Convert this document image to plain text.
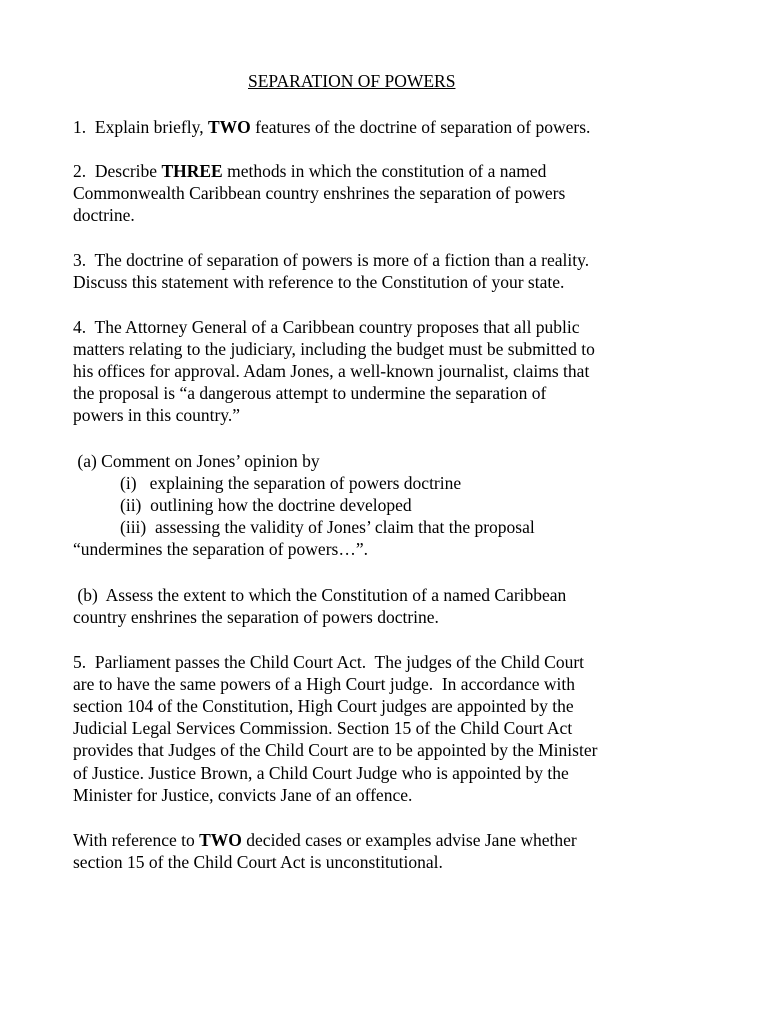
SEPARATION OF POWERS
1.  Explain briefly, TWO features of the doctrine of separation of powers.
2.  Describe THREE methods in which the constitution of a named
Commonwealth Caribbean country enshrines the separation of powers
doctrine.
3.  The doctrine of separation of powers is more of a fiction than a reality.
Discuss this statement with reference to the Constitution of your state.
4.  The Attorney General of a Caribbean country proposes that all public
matters relating to the judiciary, including the budget must be submitted to
his offices for approval. Adam Jones, a well-known journalist, claims that
the proposal is “a dangerous attempt to undermine the separation of
powers in this country.”
(a) Comment on Jones’ opinion by
(i)   explaining the separation of powers doctrine
(ii)  outlining how the doctrine developed
(iii)  assessing the validity of Jones’ claim that the proposal
“undermines the separation of powers…”.
(b)  Assess the extent to which the Constitution of a named Caribbean
country enshrines the separation of powers doctrine.
5.  Parliament passes the Child Court Act.  The judges of the Child Court
are to have the same powers of a High Court judge.  In accordance with
section 104 of the Constitution, High Court judges are appointed by the
Judicial Legal Services Commission. Section 15 of the Child Court Act
provides that Judges of the Child Court are to be appointed by the Minister
of Justice. Justice Brown, a Child Court Judge who is appointed by the
Minister for Justice, convicts Jane of an offence.
With reference to TWO decided cases or examples advise Jane whether
section 15 of the Child Court Act is unconstitutional.
